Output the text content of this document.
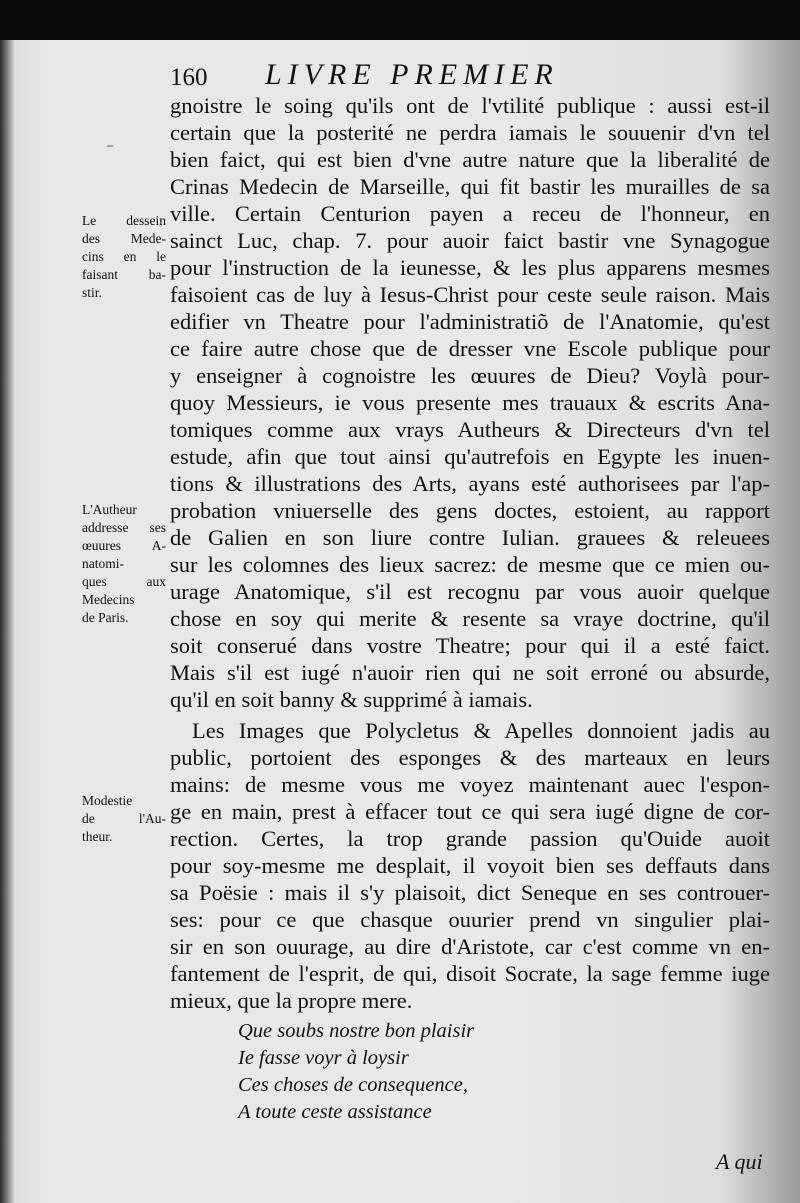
160 LIVRE PREMIER
-
Le dessein
des Mede-
cins en le
faisant ba-
stir.
L'Autheur
addresse ses
œuures A-
natomi-
ques aux
Medecins
de Paris.
Modestie
de l'Au-
theur.
gnoistre le soing qu'ils ont de l'vtilité publique : aussi est-il
certain que la posterité ne perdra iamais le souuenir d'vn tel
bien faict, qui est bien d'vne autre nature que la liberalité de
Crinas Medecin de Marseille, qui fit bastir les murailles de sa
ville. Certain Centurion payen a receu de l'honneur, en
sainct Luc, chap. 7. pour auoir faict bastir vne Synagogue
pour l'instruction de la ieunesse, & les plus apparens mesmes
faisoient cas de luy à Iesus-Christ pour ceste seule raison. Mais
edifier vn Theatre pour l'administratiõ de l'Anatomie, qu'est
ce faire autre chose que de dresser vne Escole publique pour
y enseigner à cognoistre les œuures de Dieu? Voylà pour-
quoy Messieurs, ie vous presente mes trauaux & escrits Ana-
tomiques comme aux vrays Autheurs & Directeurs d'vn tel
estude, afin que tout ainsi qu'autrefois en Egypte les inuen-
tions & illustrations des Arts, ayans esté authorisees par l'ap-
probation vniuerselle des gens doctes, estoient, au rapport
de Galien en son liure contre Iulian. grauees & releuees
sur les colomnes des lieux sacrez: de mesme que ce mien ou-
urage Anatomique, s'il est recognu par vous auoir quelque
chose en soy qui merite & resente sa vraye doctrine, qu'il
soit conserué dans vostre Theatre; pour qui il a esté faict.
Mais s'il est iugé n'auoir rien qui ne soit erroné ou absurde,
qu'il en soit banny & supprimé à iamais.
Les Images que Polycletus & Apelles donnoient jadis au
public, portoient des esponges & des marteaux en leurs
mains: de mesme vous me voyez maintenant auec l'espon-
ge en main, prest à effacer tout ce qui sera iugé digne de cor-
rection. Certes, la trop grande passion qu'Ouide auoit
pour soy-mesme me desplait, il voyoit bien ses deffauts dans
sa Poësie : mais il s'y plaisoit, dict Seneque en ses controuer-
ses: pour ce que chasque ouurier prend vn singulier plai-
sir en son ouurage, au dire d'Aristote, car c'est comme vn en-
fantement de l'esprit, de qui, disoit Socrate, la sage femme iuge
mieux, que la propre mere.
Que soubs nostre bon plaisir
Ie fasse voyr à loysir
Ces choses de consequence,
A toute ceste assistance
A qui
